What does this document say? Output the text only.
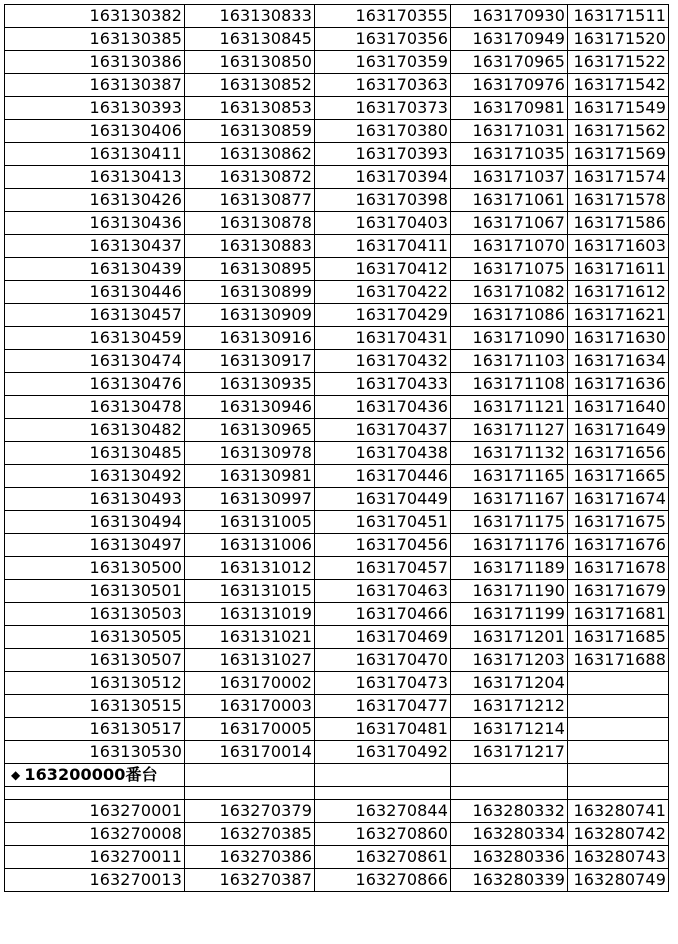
163130382	163130833	163170355	163170930	163171511
163130385	163130845	163170356	163170949	163171520
163130386	163130850	163170359	163170965	163171522
163130387	163130852	163170363	163170976	163171542
163130393	163130853	163170373	163170981	163171549
163130406	163130859	163170380	163171031	163171562
163130411	163130862	163170393	163171035	163171569
163130413	163130872	163170394	163171037	163171574
163130426	163130877	163170398	163171061	163171578
163130436	163130878	163170403	163171067	163171586
163130437	163130883	163170411	163171070	163171603
163130439	163130895	163170412	163171075	163171611
163130446	163130899	163170422	163171082	163171612
163130457	163130909	163170429	163171086	163171621
163130459	163130916	163170431	163171090	163171630
163130474	163130917	163170432	163171103	163171634
163130476	163130935	163170433	163171108	163171636
163130478	163130946	163170436	163171121	163171640
163130482	163130965	163170437	163171127	163171649
163130485	163130978	163170438	163171132	163171656
163130492	163130981	163170446	163171165	163171665
163130493	163130997	163170449	163171167	163171674
163130494	163131005	163170451	163171175	163171675
163130497	163131006	163170456	163171176	163171676
163130500	163131012	163170457	163171189	163171678
163130501	163131015	163170463	163171190	163171679
163130503	163131019	163170466	163171199	163171681
163130505	163131021	163170469	163171201	163171685
163130507	163131027	163170470	163171203	163171688
163130512	163170002	163170473	163171204	
163130515	163170003	163170477	163171212	
163130517	163170005	163170481	163171214	
163130530	163170014	163170492	163171217	
◆ 163200000番台				

163270001	163270379	163270844	163280332	163280741
163270008	163270385	163270860	163280334	163280742
163270011	163270386	163270861	163280336	163280743
163270013	163270387	163270866	163280339	163280749
